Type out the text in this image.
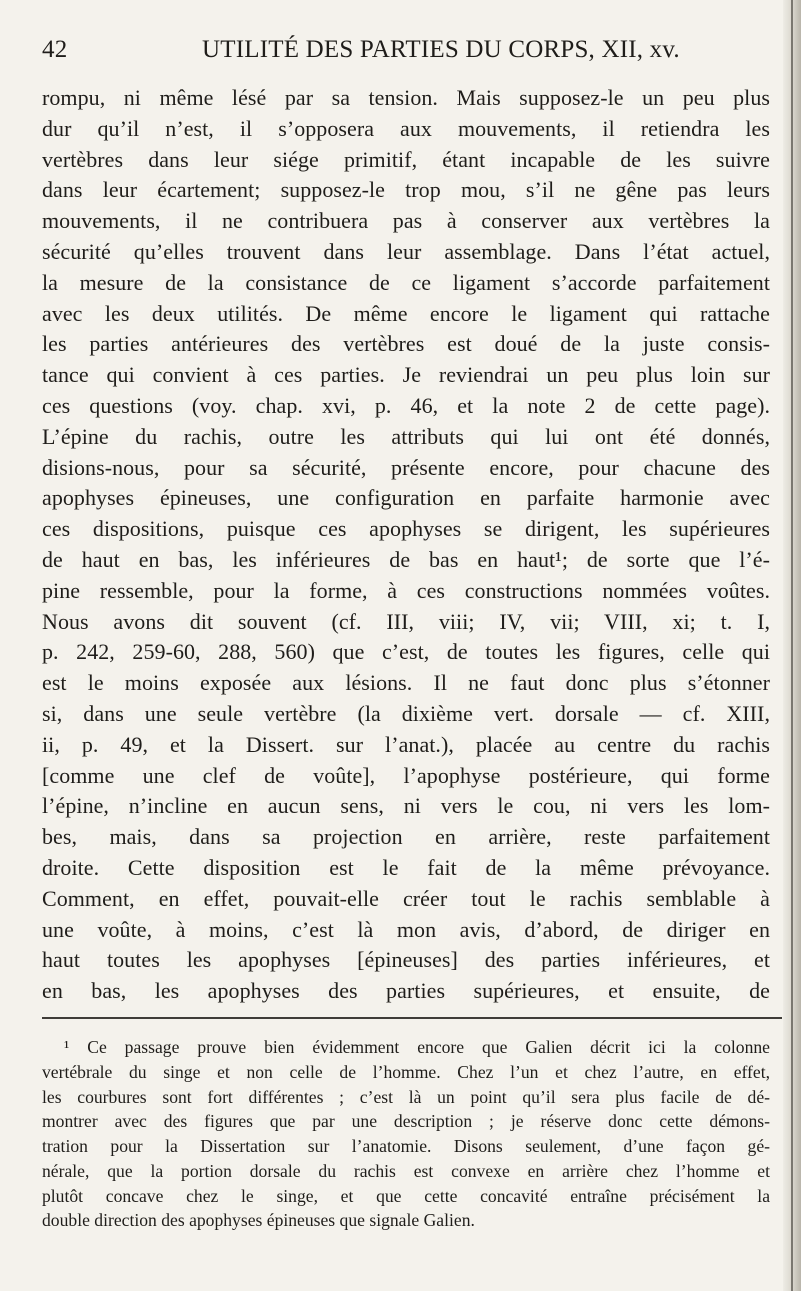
42	UTILITÉ DES PARTIES DU CORPS, XII, xv.
rompu, ni même lésé par sa tension. Mais supposez-le un peu plus
dur qu’il n’est, il s’opposera aux mouvements, il retiendra les
vertèbres dans leur siége primitif, étant incapable de les suivre
dans leur écartement; supposez-le trop mou, s’il ne gêne pas leurs
mouvements, il ne contribuera pas à conserver aux vertèbres la
sécurité qu’elles trouvent dans leur assemblage. Dans l’état actuel,
la mesure de la consistance de ce ligament s’accorde parfaitement
avec les deux utilités. De même encore le ligament qui rattache
les parties antérieures des vertèbres est doué de la juste consis-
tance qui convient à ces parties. Je reviendrai un peu plus loin sur
ces questions (voy. chap. xvi, p. 46, et la note 2 de cette page).
L’épine du rachis, outre les attributs qui lui ont été donnés,
disions-nous, pour sa sécurité, présente encore, pour chacune des
apophyses épineuses, une configuration en parfaite harmonie avec
ces dispositions, puisque ces apophyses se dirigent, les supérieures
de haut en bas, les inférieures de bas en haut¹; de sorte que l’é-
pine ressemble, pour la forme, à ces constructions nommées voûtes.
Nous avons dit souvent (cf. III, viii; IV, vii; VIII, xi; t. I,
p. 242, 259-60, 288, 560) que c’est, de toutes les figures, celle qui
est le moins exposée aux lésions. Il ne faut donc plus s’étonner
si, dans une seule vertèbre (la dixième vert. dorsale — cf. XIII,
ii, p. 49, et la Dissert. sur l’anat.), placée au centre du rachis
[comme une clef de voûte], l’apophyse postérieure, qui forme
l’épine, n’incline en aucun sens, ni vers le cou, ni vers les lom-
bes, mais, dans sa projection en arrière, reste parfaitement
droite. Cette disposition est le fait de la même prévoyance.
Comment, en effet, pouvait-elle créer tout le rachis semblable à
une voûte, à moins, c’est là mon avis, d’abord, de diriger en
haut toutes les apophyses [épineuses] des parties inférieures, et
en bas, les apophyses des parties supérieures, et ensuite, de
¹ Ce passage prouve bien évidemment encore que Galien décrit ici la colonne
vertébrale du singe et non celle de l’homme. Chez l’un et chez l’autre, en effet,
les courbures sont fort différentes ; c’est là un point qu’il sera plus facile de dé-
montrer avec des figures que par une description ; je réserve donc cette démons-
tration pour la Dissertation sur l’anatomie. Disons seulement, d’une façon gé-
nérale, que la portion dorsale du rachis est convexe en arrière chez l’homme et
plutôt concave chez le singe, et que cette concavité entraîne précisément la
double direction des apophyses épineuses que signale Galien.
